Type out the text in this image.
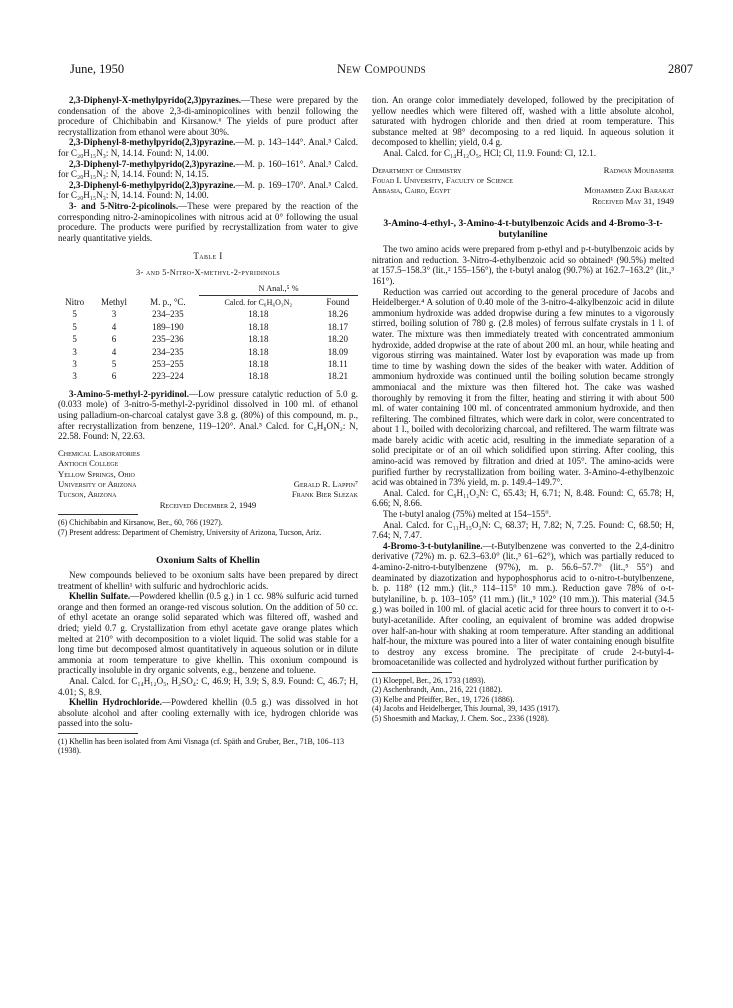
June, 1950	New Compounds	2807

2,3-Diphenyl-X-methylpyrido(2,3)pyrazines.—These were prepared by the condensation of the above 2,3-di-aminopicolines with benzil following the procedure of Chichibabin and Kirsanow.⁶ The yields of pure product after recrystallization from ethanol were about 30%.

2,3-Diphenyl-8-methylpyrido(2,3)pyrazine.—M. p. 143–144°. Anal.⁵ Calcd. for C₂₀H₁₅N₃: N, 14.14. Found: N, 14.00.

2,3-Diphenyl-7-methylpyrido(2,3)pyrazine.—M. p. 160–161°. Anal.⁵ Calcd. for C₂₀H₁₅N₃: N, 14.14. Found: N, 14.15.

2,3-Diphenyl-6-methylpyrido(2,3)pyrazine.—M. p. 169–170°. Anal.⁵ Calcd. for C₂₀H₁₅N₃: N, 14.14. Found: N, 14.00.

3- and 5-Nitro-2-picolinols.—These were prepared by the reaction of the corresponding nitro-2-aminopicolines with nitrous acid at 0° following the usual procedure. The products were purified by recrystallization from water to give nearly quantitative yields.

Table I
3- and 5-Nitro-X-methyl-2-pyridinols
			N Anal.,⁵ %	
Nitro	Methyl	M. p., °C.	Calcd. for C₆H₆O₃N₂	Found
5	3	234–235	18.18	18.26
5	4	189–190	18.18	18.17
5	6	235–236	18.18	18.20
3	4	234–235	18.18	18.09
3	5	253–255	18.18	18.11
3	6	223–224	18.18	18.21

3-Amino-5-methyl-2-pyridinol.—Low pressure catalytic reduction of 5.0 g. (0.033 mole) of 3-nitro-5-methyl-2-pyridinol dissolved in 100 ml. of ethanol using palladium-on-charcoal catalyst gave 3.8 g. (80%) of this compound, m. p., after recrystallization from benzene, 119–120°. Anal.⁵ Calcd. for C₆H₈ON₂: N, 22.58. Found: N, 22.63.

Chemical Laboratories
Antioch College
Yellow Springs, Ohio
University of Arizona	Gerald R. Lappin⁷
Tucson, Arizona	Frank Bier Slezak
Received December 2, 1949
(6) Chichibabin and Kirsanow, Ber., 60, 766 (1927).
(7) Present address: Department of Chemistry, University of Arizona, Tucson, Ariz.
Oxonium Salts of Khellin

New compounds believed to be oxonium salts have been prepared by direct treatment of khellin¹ with sulfuric and hydrochloric acids.

Khellin Sulfate.—Powdered khellin (0.5 g.) in 1 cc. 98% sulfuric acid turned orange and then formed an orange-red viscous solution. On the addition of 50 cc. of ethyl acetate an orange solid separated which was filtered off, washed and dried; yield 0.7 g. Crystallization from ethyl acetate gave orange plates which melted at 210° with decomposition to a violet liquid. The solid was stable for a long time but decomposed almost quantitatively in aqueous solution or in dilute ammonia at room temperature to give khellin. This oxonium compound is practically insoluble in dry organic solvents, e.g., benzene and toluene.

Anal. Calcd. for C₁₄H₁₂O₅, H₂SO₄: C, 46.9; H, 3.9; S, 8.9. Found: C, 46.7; H, 4.01; S, 8.9.

Khellin Hydrochloride.—Powdered khellin (0.5 g.) was dissolved in hot absolute alcohol and after cooling externally with ice, hydrogen chloride was passed into the solu-

(1) Khellin has been isolated from Ami Visnaga (cf. Späth and Gruber, Ber., 71B, 106–113 (1938).

tion. An orange color immediately developed, followed by the precipitation of yellow needles which were filtered off, washed with a little absolute alcohol, saturated with hydrogen chloride and then dried at room temperature. This substance melted at 98° decomposing to a red liquid. In aqueous solution it decomposed to khellin; yield, 0.4 g.

Anal. Calcd. for C₁₄H₁₂O₅, HCl; Cl, 11.9. Found: Cl, 12.1.

Department of Chemistry	Radwan Moubasher
Fouad I. University, Faculty of Science
Abbasia, Cairo, Egypt	Mohammed Zaki Barakat
Received May 31, 1949
3-Amino-4-ethyl-, 3-Amino-4-t-butylbenzoic Acids and 4-Bromo-3-t-butylaniline

The two amino acids were prepared from p-ethyl and p-t-butylbenzoic acids by nitration and reduction. 3-Nitro-4-ethylbenzoic acid so obtained¹ (90.5%) melted at 157.5–158.3° (lit.,² 155–156°), the t-butyl analog (90.7%) at 162.7–163.2° (lit.,³ 161°).

Reduction was carried out according to the general procedure of Jacobs and Heidelberger.⁴ A solution of 0.40 mole of the 3-nitro-4-alkylbenzoic acid in dilute ammonium hydroxide was added dropwise during a few minutes to a vigorously stirred, boiling solution of 780 g. (2.8 moles) of ferrous sulfate crystals in 1 l. of water. The mixture was then immediately treated with concentrated ammonium hydroxide, added dropwise at the rate of about 200 ml. an hour, while heating and vigorous stirring was maintained. Water lost by evaporation was made up from time to time by washing down the sides of the beaker with water. Addition of ammonium hydroxide was continued until the boiling solution became strongly ammoniacal and the mixture was then filtered hot. The cake was washed thoroughly by removing it from the filter, heating and stirring it with about 500 ml. of water containing 100 ml. of concentrated ammonium hydroxide, and then refiltering. The combined filtrates, which were dark in color, were concentrated to about 1 l., boiled with decolorizing charcoal, and refiltered. The warm filtrate was made barely acidic with acetic acid, resulting in the immediate separation of a solid precipitate or of an oil which solidified upon stirring. After cooling, this amino-acid was removed by filtration and dried at 105°. The amino-acids were purified further by recrystallization from boiling water. 3-Amino-4-ethylbenzoic acid was obtained in 73% yield, m. p. 149.4–149.7°.

Anal. Calcd. for C₉H₁₁O₂N: C, 65.43; H, 6.71; N, 8.48. Found: C, 65.78; H, 6.66; N, 8.66.

The t-butyl analog (75%) melted at 154–155°.

Anal. Calcd. for C₁₁H₁₅O₂N: C, 68.37; H, 7.82; N, 7.25. Found: C, 68.50; H, 7.64; N, 7.47.

4-Bromo-3-t-butylaniline.—t-Butylbenzene was converted to the 2,4-dinitro derivative (72%) m. p. 62.3–63.0° (lit.,⁵ 61–62°), which was partially reduced to 4-amino-2-nitro-t-butylbenzene (97%), m. p. 56.6–57.7° (lit.,⁵ 55°) and deaminated by diazotization and hypophosphorus acid to o-nitro-t-butylbenzene, b. p. 118° (12 mm.) (lit.,⁵ 114–115° 10 mm.). Reduction gave 78% of o-t-butylaniline, b. p. 103–105° (11 mm.) (lit.,⁵ 102° (10 mm.)). This material (34.5 g.) was boiled in 100 ml. of glacial acetic acid for three hours to convert it to o-t-butyl-acetanilide. After cooling, an equivalent of bromine was added dropwise over half-an-hour with shaking at room temperature. After standing an additional half-hour, the mixture was poured into a liter of water containing enough bisulfite to destroy any excess bromine. The precipitate of crude 2-t-butyl-4-bromoacetanilide was collected and hydrolyzed without further purification by

(1) Kloeppel, Ber., 26, 1733 (1893).
(2) Aschenbrandt, Ann., 216, 221 (1882).
(3) Kelbe and Pfeiffer, Ber., 19, 1726 (1886).
(4) Jacobs and Heidelberger, This Journal, 39, 1435 (1917).
(5) Shoesmith and Mackay, J. Chem. Soc., 2336 (1928).
